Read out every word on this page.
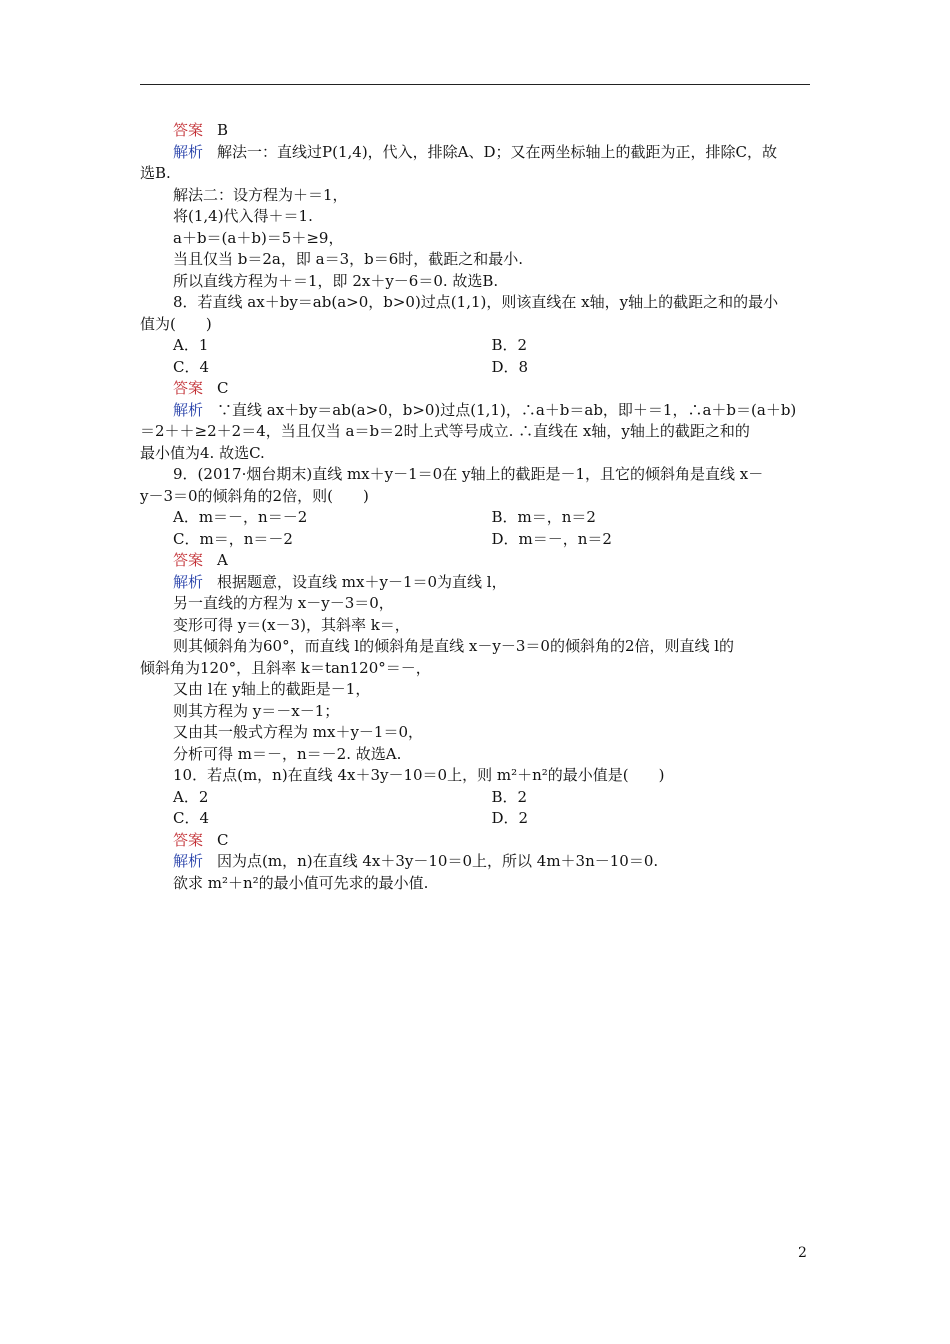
答案 B
解析 解法一：直线过P(1,4)，代入，排除A、D；又在两坐标轴上的截距为正，排除C，故
选B.
解法二：设方程为＋＝1，
将(1,4)代入得＋＝1.
a＋b＝(a＋b)＝5＋≥9，
当且仅当 b＝2a，即 a＝3，b＝6时，截距之和最小.
所以直线方程为＋＝1，即 2x＋y－6＝0. 故选B.
8．若直线 ax＋by＝ab(a>0，b>0)过点(1,1)，则该直线在 x轴，y轴上的截距之和的最小
值为(　　)
A．1	B．2
C．4	D．8
答案 C
解析 ∵直线 ax＋by＝ab(a>0，b>0)过点(1,1)，∴a＋b＝ab，即＋＝1，∴a＋b＝(a＋b)
＝2＋＋≥2＋2＝4，当且仅当 a＝b＝2时上式等号成立. ∴直线在 x轴，y轴上的截距之和的
最小值为4. 故选C.
9．(2017·烟台期末)直线 mx＋y－1＝0在 y轴上的截距是－1，且它的倾斜角是直线 x－
y－3＝0的倾斜角的2倍，则(　　)
A．m＝－，n＝－2	B．m＝，n＝2
C．m＝，n＝－2	D．m＝－，n＝2
答案 A
解析 根据题意，设直线 mx＋y－1＝0为直线 l，
另一直线的方程为 x－y－3＝0，
变形可得 y＝(x－3)，其斜率 k＝，
则其倾斜角为60°，而直线 l的倾斜角是直线 x－y－3＝0的倾斜角的2倍，则直线 l的
倾斜角为120°，且斜率 k＝tan120°＝－，
又由 l在 y轴上的截距是－1，
则其方程为 y＝－x－1；
又由其一般式方程为 mx＋y－1＝0，
分析可得 m＝－，n＝－2. 故选A.
10．若点(m，n)在直线 4x＋3y－10＝0上，则 m²＋n²的最小值是(　　)
A．2	B．2
C．4	D．2
答案 C
解析 因为点(m，n)在直线 4x＋3y－10＝0上，所以 4m＋3n－10＝0.
欲求 m²＋n²的最小值可先求的最小值.
2
